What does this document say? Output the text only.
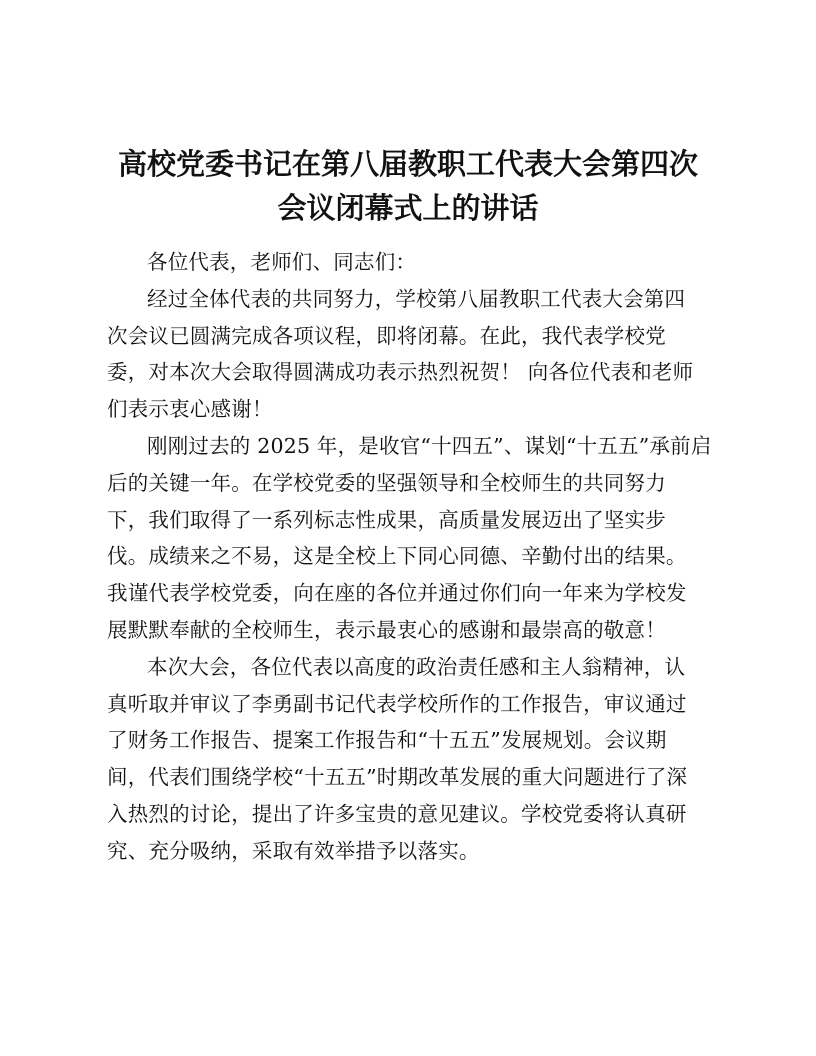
高校党委书记在第八届教职工代表大会第四次
会议闭幕式上的讲话
各位代表，老师们、同志们：
经过全体代表的共同努力，学校第八届教职工代表大会第四
次会议已圆满完成各项议程，即将闭幕。在此，我代表学校党
委，对本次大会取得圆满成功表示热烈祝贺！ 向各位代表和老师
们表示衷心感谢！
刚刚过去的 2025 年，是收官“十四五”、谋划“十五五”承前启
后的关键一年。在学校党委的坚强领导和全校师生的共同努力
下，我们取得了一系列标志性成果，高质量发展迈出了坚实步
伐。成绩来之不易，这是全校上下同心同德、辛勤付出的结果。
我谨代表学校党委，向在座的各位并通过你们向一年来为学校发
展默默奉献的全校师生，表示最衷心的感谢和最崇高的敬意！
本次大会，各位代表以高度的政治责任感和主人翁精神，认
真听取并审议了李勇副书记代表学校所作的工作报告，审议通过
了财务工作报告、提案工作报告和“十五五”发展规划。会议期
间，代表们围绕学校“十五五”时期改革发展的重大问题进行了深
入热烈的讨论，提出了许多宝贵的意见建议。学校党委将认真研
究、充分吸纳，采取有效举措予以落实。
